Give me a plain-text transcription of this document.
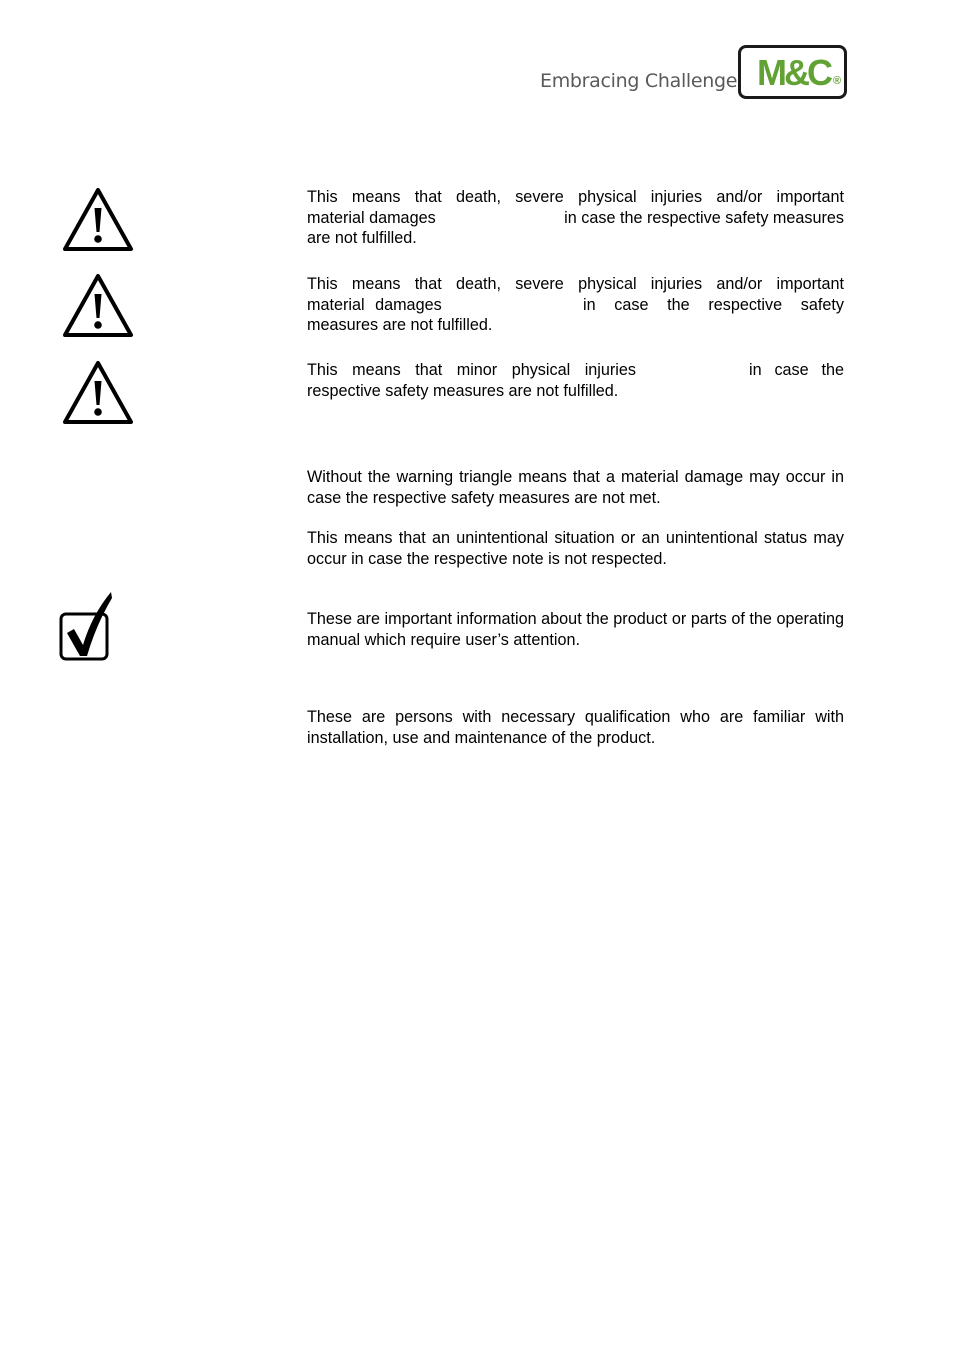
Embracing Challenge M&C ®
This means that death, severe physical injuries and/or important
material damages	in case the respective safety measures
are not fulfilled.
This means that death, severe physical injuries and/or important
material damages	in case the respective safety
measures are not fulfilled.
This means that minor physical injuries	in case the
respective safety measures are not fulfilled.

Without the warning triangle means that a material damage may occur in case the respective safety measures are not met.

This means that an unintentional situation or an unintentional status may occur in case the respective note is not respected.

These are important information about the product or parts of the operating manual which require user’s attention.

These are persons with necessary qualification who are familiar with installation, use and maintenance of the product.
